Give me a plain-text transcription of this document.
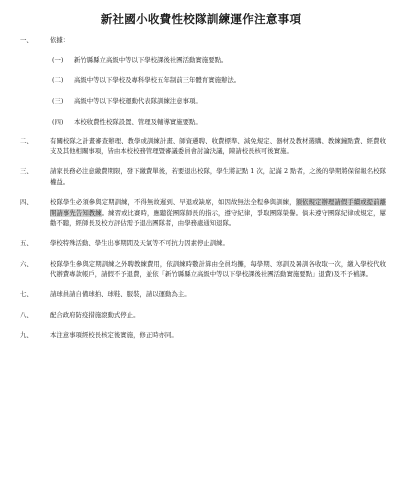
新社國小收費性校隊訓練運作注意事項
一、	依據：
(一)	新竹縣縣立高級中等以下學校課後社團活動實施要點。
(二)	高級中等以下學校及專科學校五年制前三年體育實施辦法。
(三)	高級中等以下學校運動代表隊訓練注意事項。
(四)	本校收費性校隊設置、管理及輔導實施要點。
二、	有關校隊之計畫審查辦理、教學或訓練計畫、師資遴聘、收費標準、減免規定、器材及教材選購、教練鐘點費、經費收支及其他相關事項，皆由本校校務管理暨審議委員會討論決議，陳請校長核可後實施。
三、	請家長務必注意繳費期限，發下繳費單後，若要退出校隊，學生將記點 1 次，記滿 2 點者，之後的學期將保留報名校隊權益。
四、	校隊學生必須參與定期訓練，不得無故遲到、早退或缺席，如因故無法全程參與訓練，須依規定辦理請假手續或提前離開請事先告知教練。練習或比賽時，應聽從團隊師長的指示，遵守紀律，爭取團隊榮譽。倘未遵守團隊紀律或規定，屢勸不聽，經師長及校方評估需予退出團隊者，由學務處通知退隊。
五、	學校特殊活動、學生出事期間及天氣等不可抗力因素停止訓練。
六、	校隊學生參與定期訓練之外聘教練費用，依訓練時數計算由全員均攤，每學期、寒訓及暑訓各收取一次，繳入學校代收代辦費專款帳戶，請假不予退費，並依「新竹縣縣立高級中等以下學校課後社團活動實施要點」退費)及不予補課。
七、	請球員請自備球拍、球鞋、服裝，請以運動為主。
八、	配合政府防疫措施滾動式停止。
九、	本注意事項經校長核定後實施，修正時亦同。
